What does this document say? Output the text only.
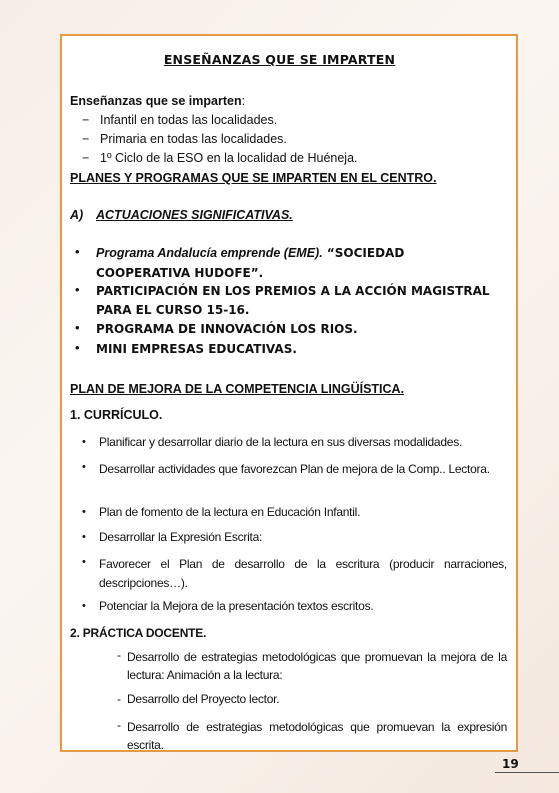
ENSEÑANZAS QUE SE IMPARTEN

Enseñanzas que se imparten:

− Infantil en todas las localidades.

− Primaria en todas las localidades.

− 1º Ciclo de la ESO en la localidad de Huéneja.

PLANES Y PROGRAMAS QUE SE IMPARTEN EN EL CENTRO.

A) ACTUACIONES SIGNIFICATIVAS.

• Programa Andalucía emprende (EME). “SOCIEDAD

COOPERATIVA HUDOFE”.

• PARTICIPACIÓN EN LOS PREMIOS A LA ACCIÓN MAGISTRAL

PARA EL CURSO 15-16.

• PROGRAMA DE INNOVACIÓN LOS RIOS.

• MINI EMPRESAS EDUCATIVAS.

PLAN DE MEJORA DE LA COMPETENCIA LINGÜÍSTICA.

1. CURRÍCULO.

• Planificar y desarrollar diario de la lectura en sus diversas modalidades.

• Desarrollar actividades que favorezcan Plan de mejora de la Comp.. Lectora.

• Plan de fomento de la lectura en Educación Infantil.

• Desarrollar la Expresión Escrita:

• Favorecer el Plan de desarrollo de la escritura (producir narraciones, descripciones…).

• Potenciar la Mejora de la presentación textos escritos.

2. PRÁCTICA DOCENTE.

- Desarrollo de estrategias metodológicas que promuevan la mejora de la lectura: Animación a la lectura:

- Desarrollo del Proyecto lector.

- Desarrollo de estrategias metodológicas que promuevan la expresión escrita.

19
